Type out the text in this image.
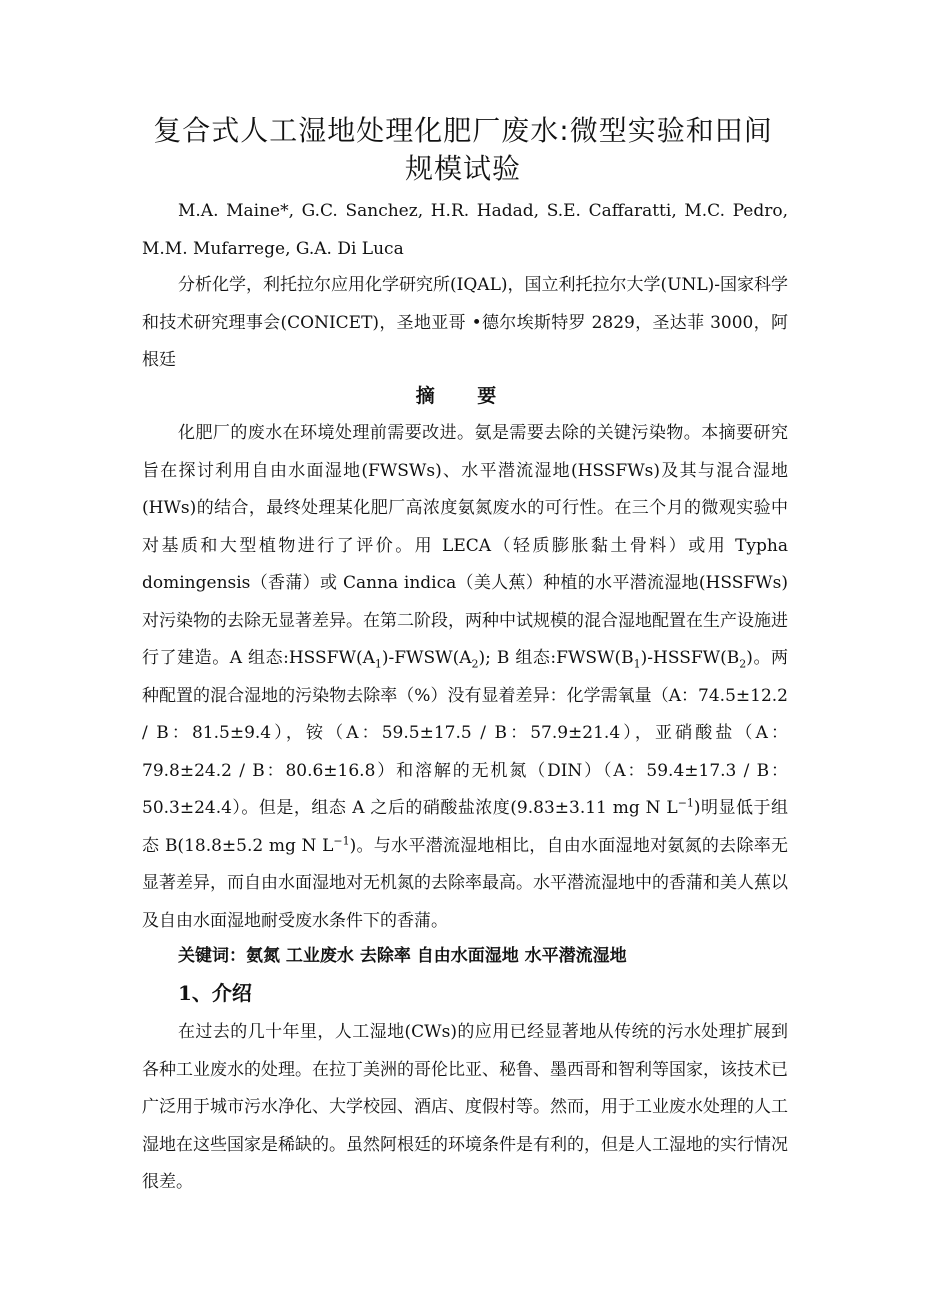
复合式人工湿地处理化肥厂废水:微型实验和田间规模试验
M.A. Maine*, G.C. Sanchez, H.R. Hadad, S.E. Caffaratti, M.C. Pedro, M.M. Mufarrege, G.A. Di Luca
分析化学，利托拉尔应用化学研究所(IQAL)，国立利托拉尔大学(UNL)-国家科学和技术研究理事会(CONICET)，圣地亚哥 •德尔埃斯特罗 2829，圣达菲 3000，阿根廷
摘 要
化肥厂的废水在环境处理前需要改进。氨是需要去除的关键污染物。本摘要研究旨在探讨利用自由水面湿地(FWSWs)、水平潜流湿地(HSSFWs)及其与混合湿地(HWs)的结合，最终处理某化肥厂高浓度氨氮废水的可行性。在三个月的微观实验中对基质和大型植物进行了评价。用 LECA（轻质膨胀黏土骨料）或用 Typha domingensis（香蒲）或 Canna indica（美人蕉）种植的水平潜流湿地(HSSFWs)对污染物的去除无显著差异。在第二阶段，两种中试规模的混合湿地配置在生产设施进行了建造。A 组态$:HSSFW(A_1)-FWSW(A_2)$; B 组态$:FWSW(B_1)-HSSFW(B_2)$。两种配置的混合湿地的污染物去除率（%）没有显着差异：化学需氧量（A：74.5±12.2 / B：81.5±9.4），铵（A：59.5±17.5 / B：57.9±21.4），亚硝酸盐（A：79.8±24.2 / B：80.6±16.8）和溶解的无机氮（DIN）（A：59.4±17.3 / B：50.3±24.4）。但是，组态 A 之后的硝酸盐浓度(9.83±3.11 mg N $L^{-1}$)明显低于组态 B(18.8±5.2 mg N $L^{-1}$)。与水平潜流湿地相比，自由水面湿地对氨氮的去除率无显著差异，而自由水面湿地对无机氮的去除率最高。水平潜流湿地中的香蒲和美人蕉以及自由水面湿地耐受废水条件下的香蒲。
关键词：氨氮 工业废水 去除率 自由水面湿地 水平潜流湿地
1、介绍
在过去的几十年里，人工湿地(CWs)的应用已经显著地从传统的污水处理扩展到各种工业废水的处理。在拉丁美洲的哥伦比亚、秘鲁、墨西哥和智利等国家，该技术已广泛用于城市污水净化、大学校园、酒店、度假村等。然而，用于工业废水处理的人工湿地在这些国家是稀缺的。虽然阿根廷的环境条件是有利的，但是人工湿地的实行情况很差。
